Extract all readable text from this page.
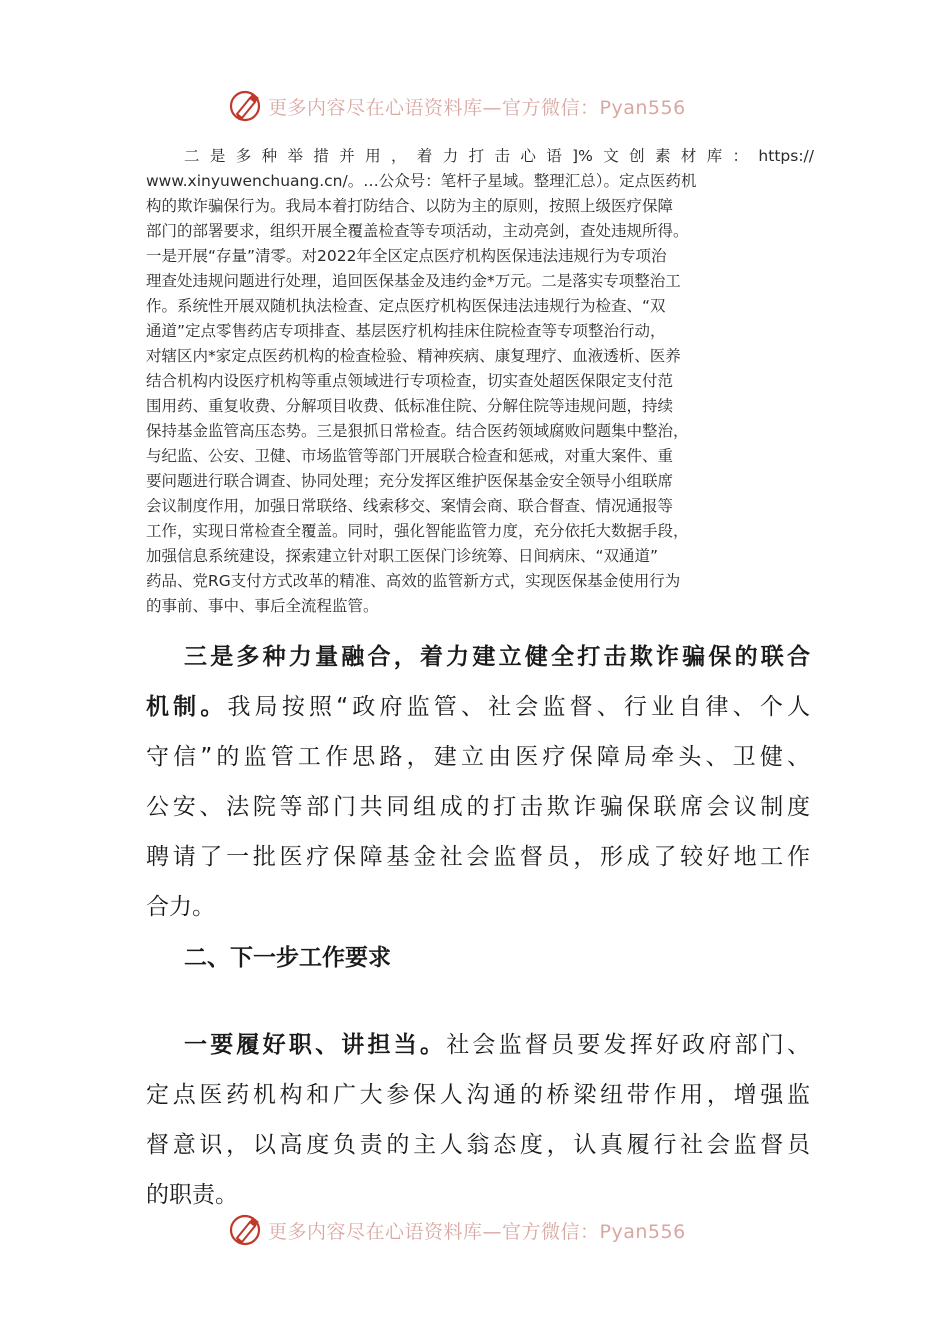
更多内容尽在心语资料库—官方微信：Pyan556
二是多种举措并用，着力打击心语]%文创素材库：https://
www.xinyuwenchuang.cn/。…公众号：笔杆子星域。整理汇总）。定点医药机
构的欺诈骗保行为。我局本着打防结合、以防为主的原则，按照上级医疗保障
部门的部署要求，组织开展全覆盖检查等专项活动，主动亮剑，查处违规所得。
一是开展“存量”清零。对2022年全区定点医疗机构医保违法违规行为专项治
理查处违规问题进行处理，追回医保基金及违约金*万元。二是落实专项整治工
作。系统性开展双随机执法检查、定点医疗机构医保违法违规行为检查、“双
通道”定点零售药店专项排查、基层医疗机构挂床住院检查等专项整治行动，
对辖区内*家定点医药机构的检查检验、精神疾病、康复理疗、血液透析、医养
结合机构内设医疗机构等重点领域进行专项检查，切实查处超医保限定支付范
围用药、重复收费、分解项目收费、低标准住院、分解住院等违规问题，持续
保持基金监管高压态势。三是狠抓日常检查。结合医药领域腐败问题集中整治，
与纪监、公安、卫健、市场监管等部门开展联合检查和惩戒，对重大案件、重
要问题进行联合调查、协同处理；充分发挥区维护医保基金安全领导小组联席
会议制度作用，加强日常联络、线索移交、案情会商、联合督查、情况通报等
工作，实现日常检查全覆盖。同时，强化智能监管力度，充分依托大数据手段，
加强信息系统建设，探索建立针对职工医保门诊统筹、日间病床、“双通道”
药品、党RG支付方式改革的精准、高效的监管新方式，实现医保基金使用行为
的事前、事中、事后全流程监管。
三是多种力量融合，着力建立健全打击欺诈骗保的联合
机制。我局按照“政府监管、社会监督、行业自律、个人
守信”的监管工作思路，建立由医疗保障局牵头、卫健、
公安、法院等部门共同组成的打击欺诈骗保联席会议制度
聘请了一批医疗保障基金社会监督员，形成了较好地工作
合力。
二、下一步工作要求
一要履好职、讲担当。社会监督员要发挥好政府部门、
定点医药机构和广大参保人沟通的桥梁纽带作用，增强监
督意识，以高度负责的主人翁态度，认真履行社会监督员
的职责。
更多内容尽在心语资料库—官方微信：Pyan556
